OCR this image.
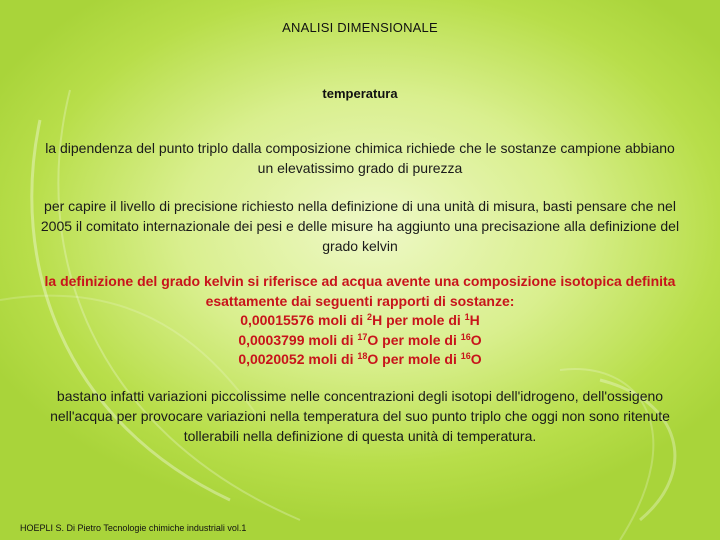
ANALISI DIMENSIONALE
temperatura
la dipendenza del punto triplo dalla composizione chimica richiede che le sostanze campione abbiano un elevatissimo grado di purezza
per capire il livello di precisione richiesto nella definizione di una unità di misura, basti pensare che nel 2005 il comitato internazionale dei pesi e delle misure ha aggiunto una precisazione alla definizione del grado kelvin
la definizione del grado kelvin si riferisce ad acqua avente una composizione isotopica definita esattamente dai seguenti rapporti di sostanze:
0,00015576 moli di $^2$H per mole di $^1$H
0,0003799 moli di $^{17}$O per mole di $^{16}$O
0,0020052 moli di $^{18}$O per mole di $^{16}$O
bastano infatti variazioni piccolissime nelle concentrazioni degli isotopi dell'idrogeno, dell'ossigeno nell'acqua per provocare variazioni nella temperatura del suo punto triplo che oggi non sono ritenute tollerabili nella definizione di questa unità di temperatura.
HOEPLI S. Di Pietro Tecnologie chimiche industriali vol.1
